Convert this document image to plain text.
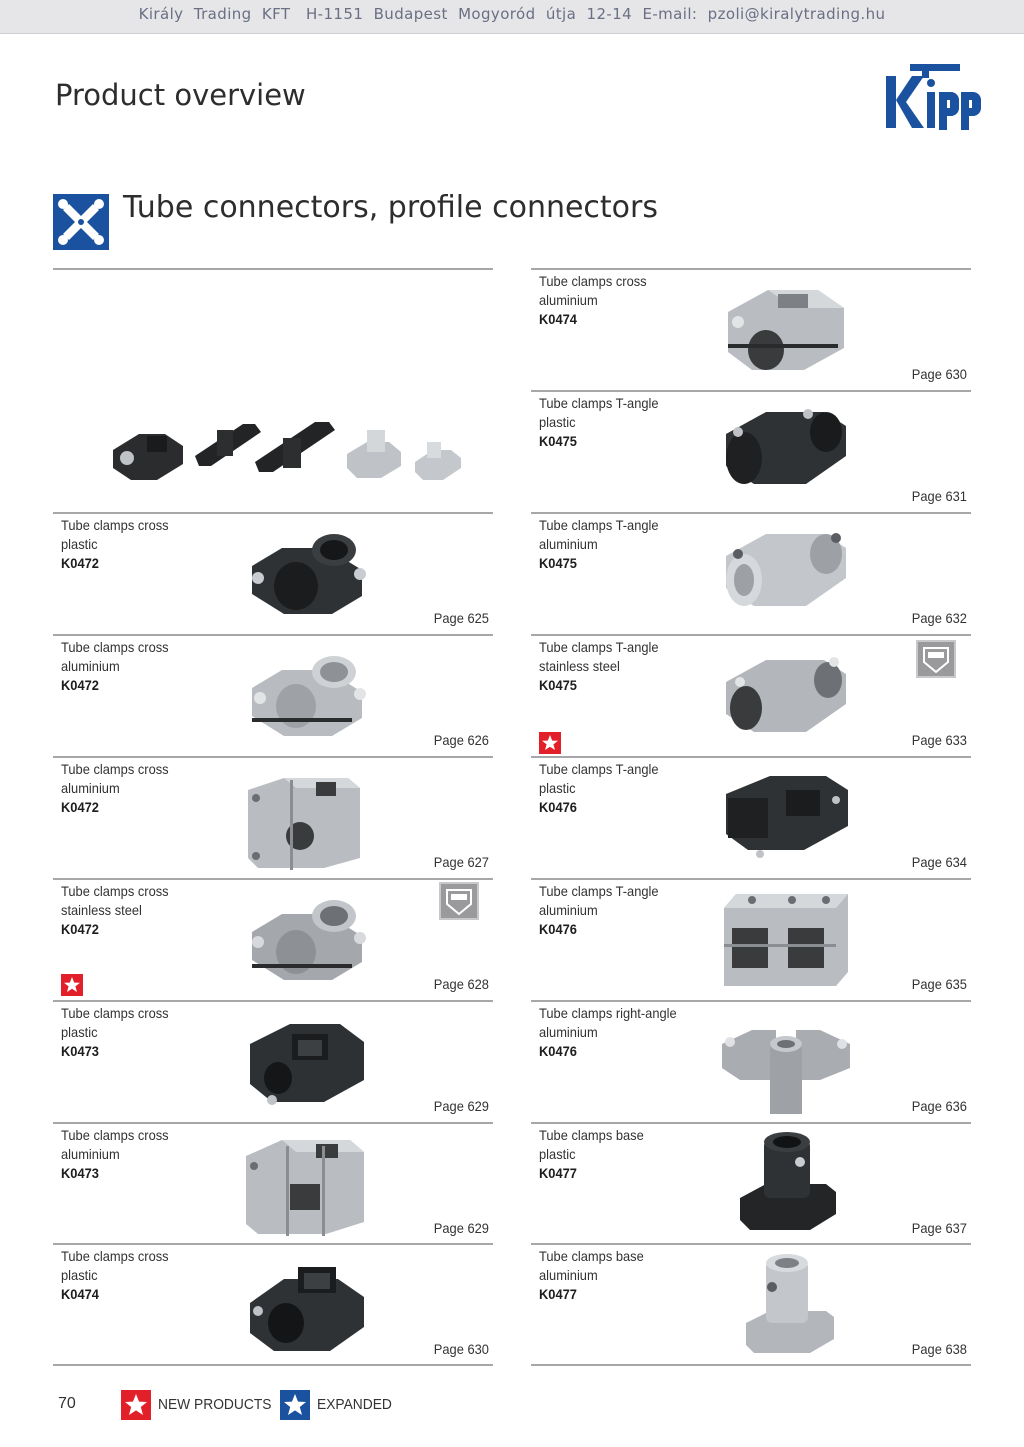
Király  Trading  KFT   H-1151  Budapest  Mogyoród  útja  12-14  E-mail:  pzoli@kiralytrading.hu
Product overview
Tube connectors, profile connectors
Tube clamps cross
plastic
K0472
Page 625
Tube clamps cross
aluminium
K0472
Page 626
Tube clamps cross
aluminium
K0472
Page 627
Tube clamps cross
stainless steel
K0472
Page 628
Tube clamps cross
plastic
K0473
Page 629
Tube clamps cross
aluminium
K0473
Page 629
Tube clamps cross
plastic
K0474
Page 630
Tube clamps cross
aluminium
K0474
Page 630
Tube clamps T-angle
plastic
K0475
Page 631
Tube clamps T-angle
aluminium
K0475
Page 632
Tube clamps T-angle
stainless steel
K0475
Page 633
Tube clamps T-angle
plastic
K0476
Page 634
Tube clamps T-angle
aluminium
K0476
Page 635
Tube clamps right-angle
aluminium
K0476
Page 636
Tube clamps base
plastic
K0477
Page 637
Tube clamps base
aluminium
K0477
Page 638
70	NEW PRODUCTS	EXPANDED
